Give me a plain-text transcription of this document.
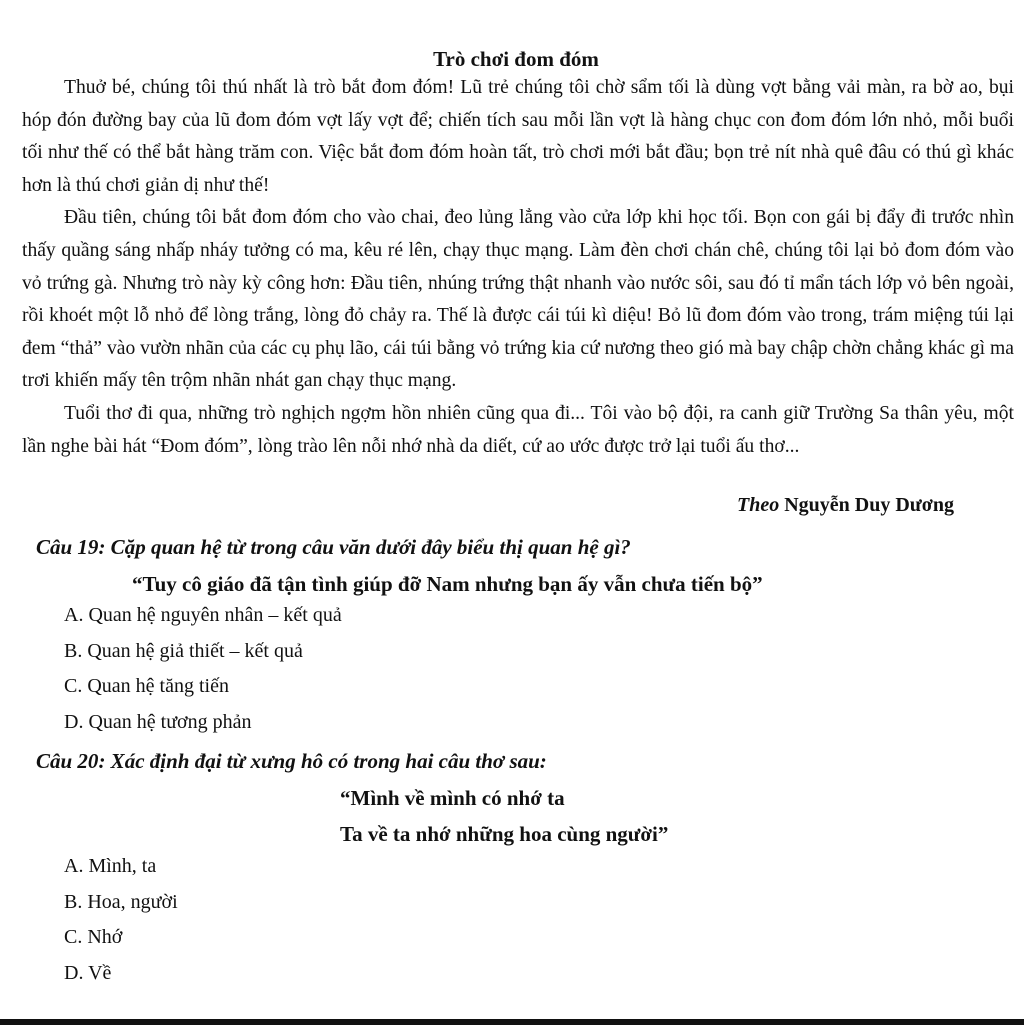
Trò chơi đom đóm

Thuở bé, chúng tôi thú nhất là trò bắt đom đóm! Lũ trẻ chúng tôi chờ sẩm tối là dùng vợt bằng vải màn, ra bờ ao, bụi hóp đón đường bay của lũ đom đóm vợt lấy vợt để; chiến tích sau mỗi lần vợt là hàng chục con đom đóm lớn nhỏ, mỗi buổi tối như thế có thể bắt hàng trăm con. Việc bắt đom đóm hoàn tất, trò chơi mới bắt đầu; bọn trẻ nít nhà quê đâu có thú gì khác hơn là thú chơi giản dị như thế!

Đầu tiên, chúng tôi bắt đom đóm cho vào chai, đeo lủng lẳng vào cửa lớp khi học tối. Bọn con gái bị đẩy đi trước nhìn thấy quầng sáng nhấp nháy tưởng có ma, kêu ré lên, chạy thục mạng. Làm đèn chơi chán chê, chúng tôi lại bỏ đom đóm vào vỏ trứng gà. Nhưng trò này kỳ công hơn: Đầu tiên, nhúng trứng thật nhanh vào nước sôi, sau đó tỉ mẩn tách lớp vỏ bên ngoài, rồi khoét một lỗ nhỏ để lòng trắng, lòng đỏ chảy ra. Thế là được cái túi kì diệu! Bỏ lũ đom đóm vào trong, trám miệng túi lại đem “thả” vào vườn nhãn của các cụ phụ lão, cái túi bằng vỏ trứng kia cứ nương theo gió mà bay chập chờn chẳng khác gì ma trơi khiến mấy tên trộm nhãn nhát gan chạy thục mạng.

Tuổi thơ đi qua, những trò nghịch ngợm hồn nhiên cũng qua đi... Tôi vào bộ đội, ra canh giữ Trường Sa thân yêu, một lần nghe bài hát “Đom đóm”, lòng trào lên nỗi nhớ nhà da diết, cứ ao ước được trở lại tuổi ấu thơ...

Theo Nguyễn Duy Dương
Câu 19: Cặp quan hệ từ trong câu văn dưới đây biểu thị quan hệ gì?
“Tuy cô giáo đã tận tình giúp đỡ Nam nhưng bạn ấy vẫn chưa tiến bộ”
A. Quan hệ nguyên nhân – kết quả
B. Quan hệ giả thiết – kết quả
C. Quan hệ tăng tiến
D. Quan hệ tương phản
Câu 20: Xác định đại từ xưng hô có trong hai câu thơ sau:
“Mình về mình có nhớ ta
Ta về ta nhớ những hoa cùng người”
A. Mình, ta
B. Hoa, người
C. Nhớ
D. Về
